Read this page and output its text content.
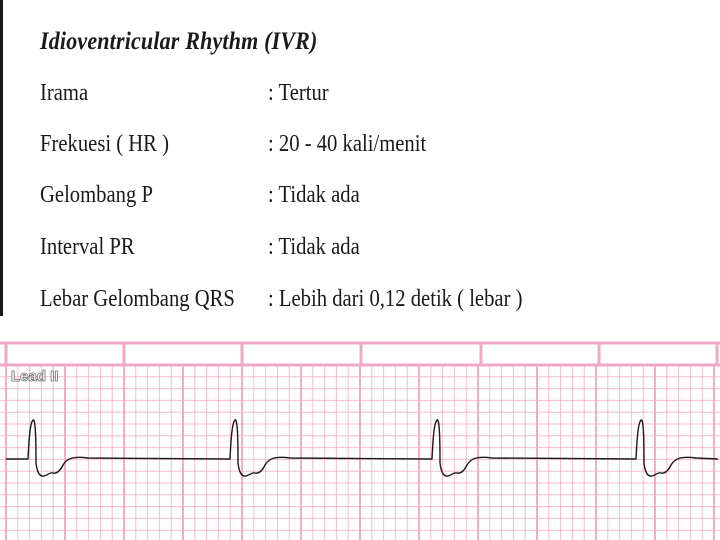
Idioventricular Rhythm (IVR)
Irama	: Tertur
Frekuesi ( HR )	: 20 - 40 kali/menit
Gelombang P	: Tidak ada
Interval PR	: Tidak ada
Lebar Gelombang QRS : Lebih dari 0,12 detik ( lebar )
Lead II
